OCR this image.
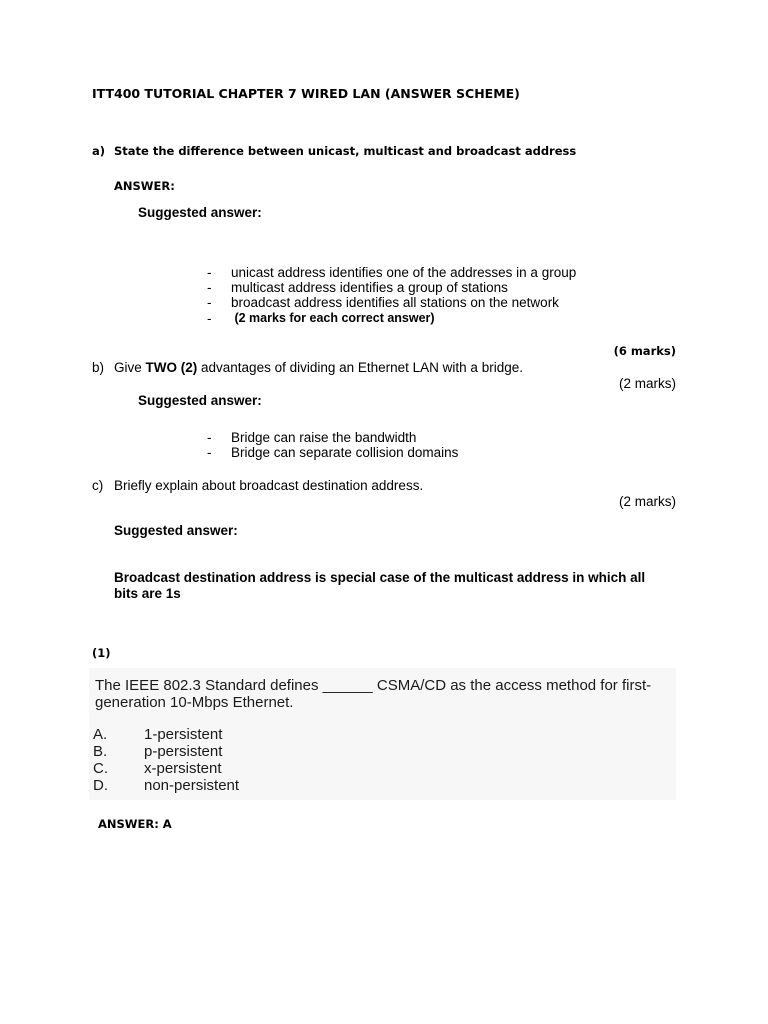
ITT400 TUTORIAL CHAPTER 7 WIRED LAN (ANSWER SCHEME)
a) State the difference between unicast, multicast and broadcast address
ANSWER:
Suggested answer:
- unicast address identifies one of the addresses in a group
- multicast address identifies a group of stations
- broadcast address identifies all stations on the network
- (2 marks for each correct answer)
(6 marks)
b) Give TWO (2) advantages of dividing an Ethernet LAN with a bridge.
(2 marks)
Suggested answer:
- Bridge can raise the bandwidth
- Bridge can separate collision domains
c) Briefly explain about broadcast destination address.
(2 marks)
Suggested answer:
Broadcast destination address is special case of the multicast address in which all
bits are 1s
(1)
The IEEE 802.3 Standard defines ______ CSMA/CD as the access method for first-
generation 10-Mbps Ethernet.
A. 1-persistent
B. p-persistent
C. x-persistent
D. non-persistent
ANSWER: A
